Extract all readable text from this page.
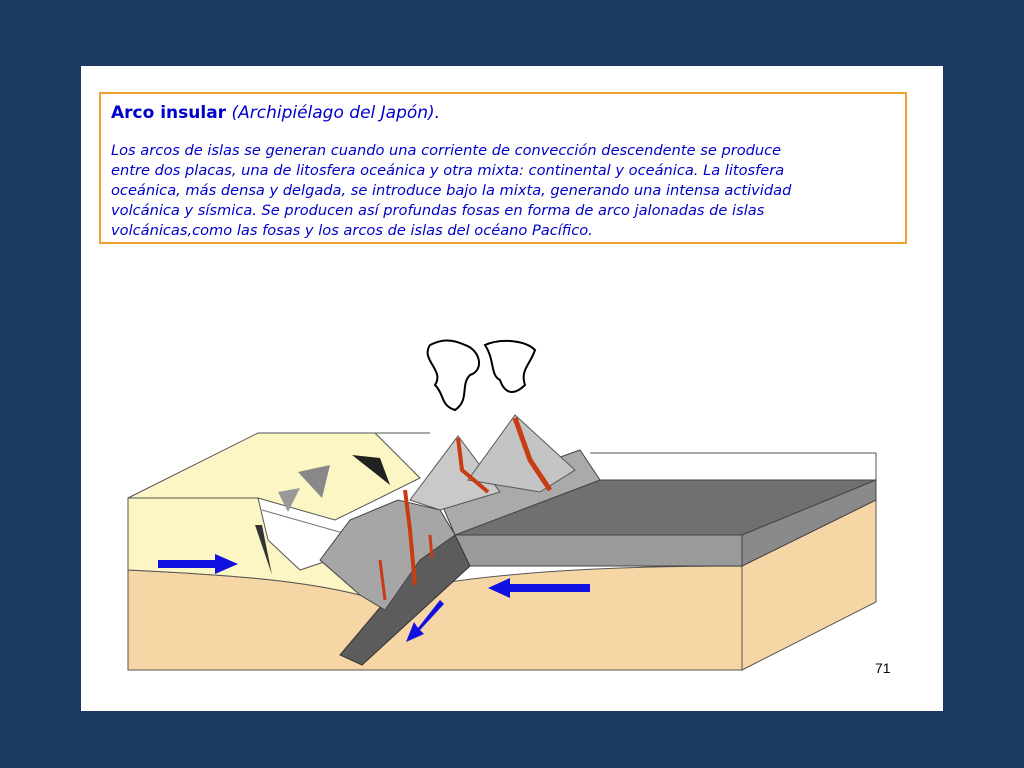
Arco insular (Archipiélago del Japón).

Los arcos de islas se generan cuando una corriente de convección descendente se produce
entre dos placas, una de litosfera oceánica y otra mixta: continental y oceánica. La litosfera
oceánica, más densa y delgada, se introduce bajo la mixta, generando una intensa actividad
volcánica y sísmica. Se producen así profundas fosas en forma de arco jalonadas de islas
volcánicas,como las fosas y los arcos de islas del océano Pacífico.

71
